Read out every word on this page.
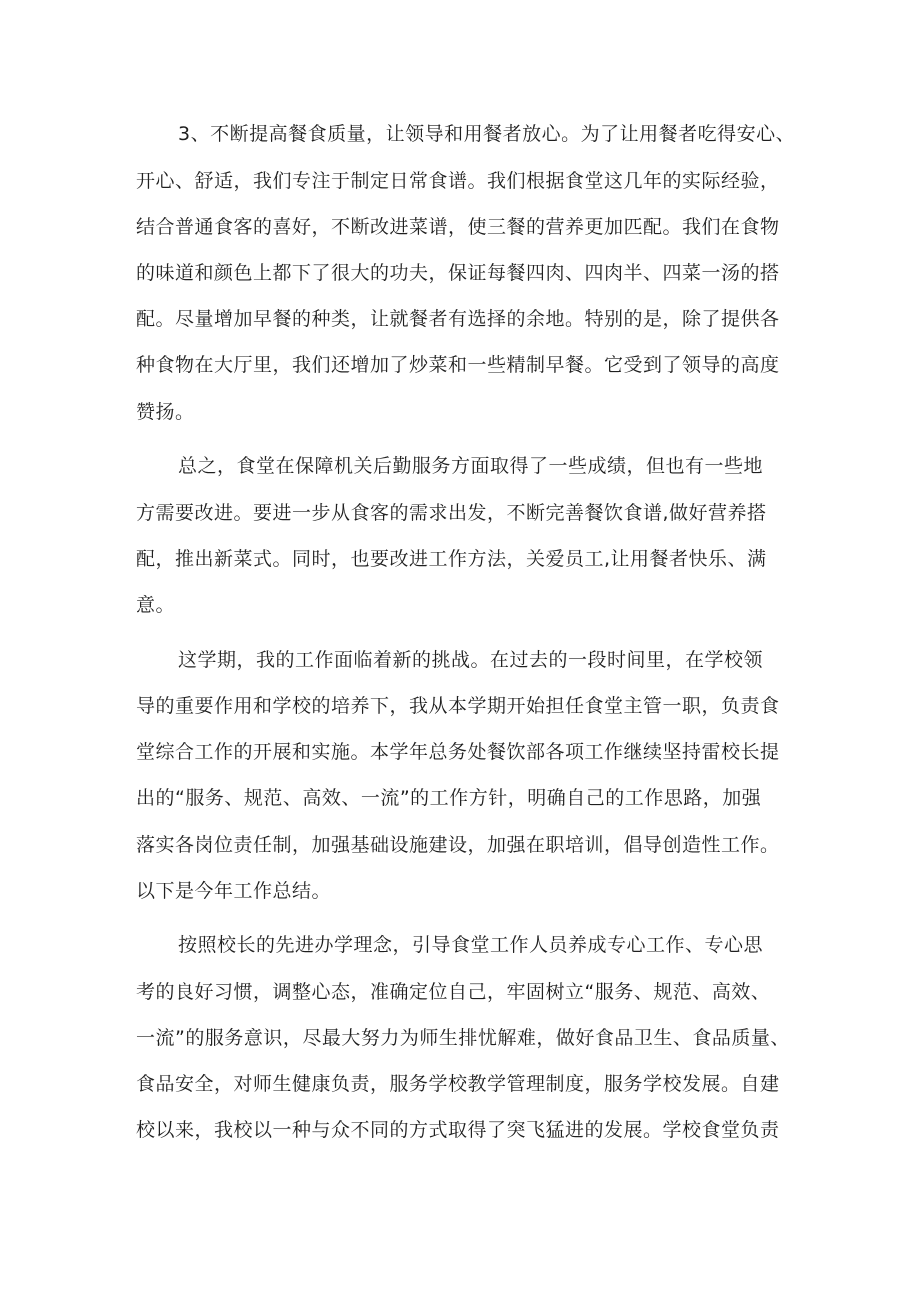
3、不断提高餐食质量，让领导和用餐者放心。为了让用餐者吃得安心、
开心、舒适，我们专注于制定日常食谱。我们根据食堂这几年的实际经验，
结合普通食客的喜好，不断改进菜谱，使三餐的营养更加匹配。我们在食物
的味道和颜色上都下了很大的功夫，保证每餐四肉、四肉半、四菜一汤的搭
配。尽量增加早餐的种类，让就餐者有选择的余地。特别的是，除了提供各
种食物在大厅里，我们还增加了炒菜和一些精制早餐。它受到了领导的高度
赞扬。
总之，食堂在保障机关后勤服务方面取得了一些成绩，但也有一些地
方需要改进。要进一步从食客的需求出发，不断完善餐饮食谱,做好营养搭
配，推出新菜式。同时，也要改进工作方法，关爱员工,让用餐者快乐、满
意。
这学期，我的工作面临着新的挑战。在过去的一段时间里，在学校领
导的重要作用和学校的培养下，我从本学期开始担任食堂主管一职，负责食
堂综合工作的开展和实施。本学年总务处餐饮部各项工作继续坚持雷校长提
出的“服务、规范、高效、一流”的工作方针，明确自己的工作思路，加强
落实各岗位责任制，加强基础设施建设，加强在职培训，倡导创造性工作。
以下是今年工作总结。
按照校长的先进办学理念，引导食堂工作人员养成专心工作、专心思
考的良好习惯，调整心态，准确定位自己，牢固树立“服务、规范、高效、
一流”的服务意识，尽最大努力为师生排忧解难，做好食品卫生、食品质量、
食品安全，对师生健康负责，服务学校教学管理制度，服务学校发展。自建
校以来，我校以一种与众不同的方式取得了突飞猛进的发展。学校食堂负责
